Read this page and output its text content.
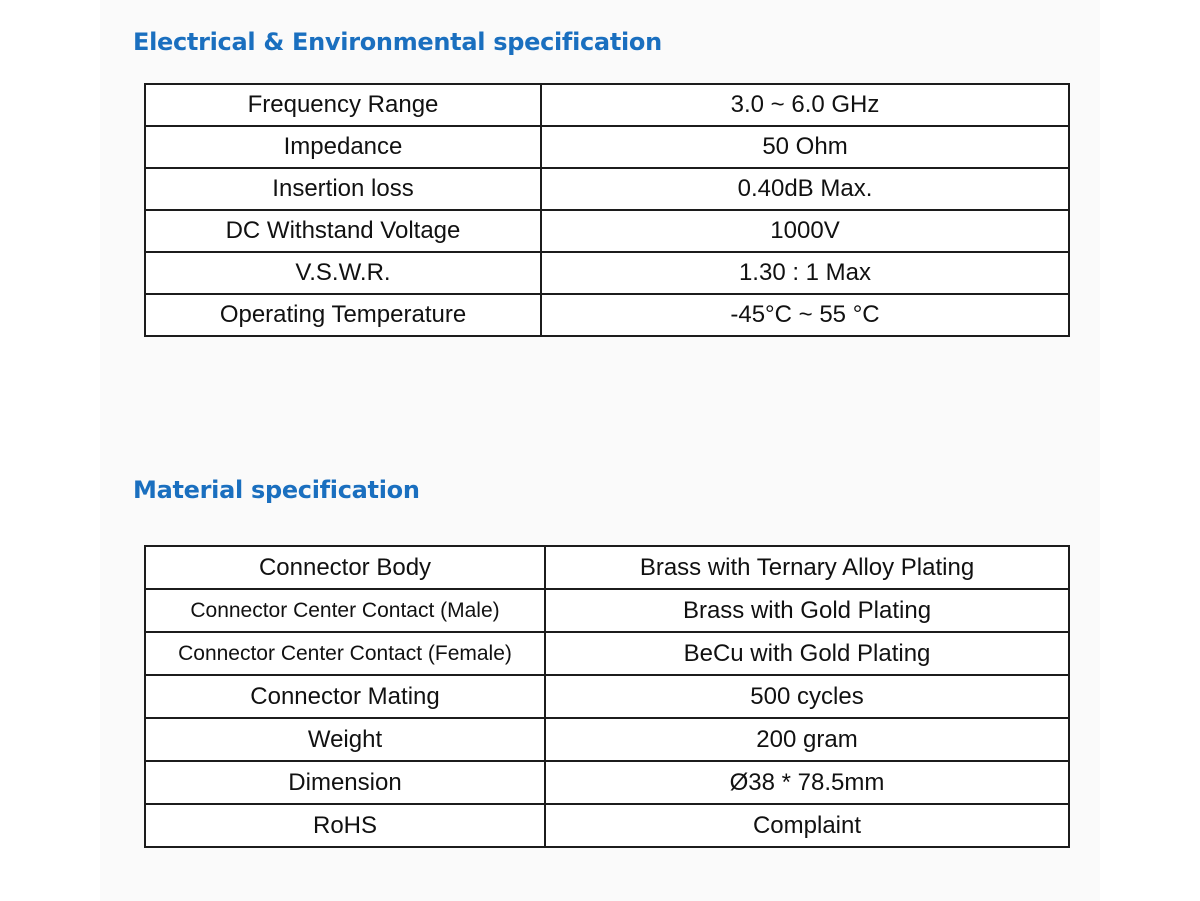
Electrical & Environmental specification
Frequency Range	3.0 ~ 6.0 GHz
Impedance	50 Ohm
Insertion loss	0.40dB Max.
DC Withstand Voltage	1000V
V.S.W.R.	1.30 : 1 Max
Operating Temperature	-45°C ~ 55 °C
Material specification
Connector Body	Brass with Ternary Alloy Plating
Connector Center Contact (Male)	Brass with Gold Plating
Connector Center Contact (Female)	BeCu with Gold Plating
Connector Mating	500 cycles
Weight	200 gram
Dimension	Ø38 * 78.5mm
RoHS	Complaint
